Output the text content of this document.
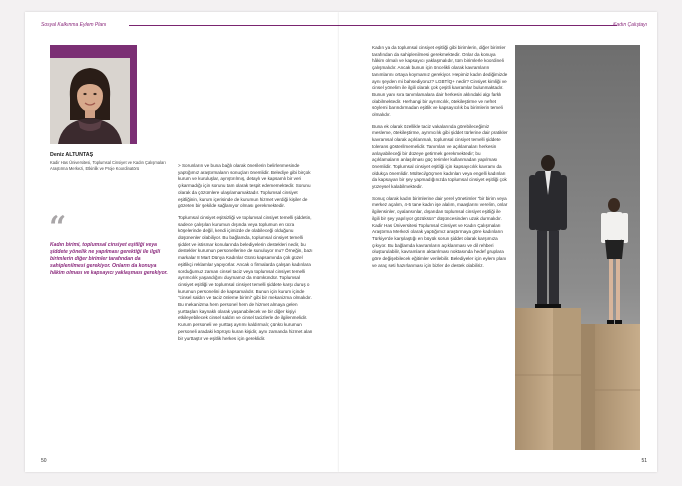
Sosyal Kalkınma Eylem Planı
Deniz ALTUNTAŞ
Kadir Has Üniversitesi, Toplumsal Cinsiyet ve Kadın Çalışmaları Araştırma Merkezi, Etkinlik ve Proje Koordinatörü
“
Kadın birimi, toplumsal cinsiyet eşitliği veya şiddete yönelik ne yapılması gerektiği ile ilgili birimlerin diğer birimler tarafından da sahiplenilmesi gerekiyor. Onların da konuya hâkim olması ve kapsayıcı yaklaşması gerekiyor.

> Sorunların ve buna bağlı olarak önerilerin belirlenmesinde yaptığımız araştırmaların sonuçları önemlidir. Belediye gibi birçok kurum ve kuruluşlar, ayrıştırılmış, detaylı ve kapsamlı bir veri çıkarmadığı için sorunu tam olarak tespit edememektedir. Sorunu olarak da çözümlere ulaşılamamaktadır. Toplumsal cinsiyet eşitliğinin, kurum içerisinde de kurumun hizmet verdiği kişiler de gözeten bir şekilde sağlanıyor olması gerekmektedir.

Toplumsal cinsiyet eşitsizliği ve toplumsal cinsiyet temelli şiddetin, sadece çalışılan kurumun dışında veya toplumun en ücra köşelerinde değil, kendi içimizde de olabileceği olduğunu düşünenler olabiliyor. Bu bağlamda, toplumsal cinsiyet temelli şiddet ve istismar konularında belediyelerin destekleri nedir, bu destekler kurumun personellerine de sunuluyor mu? Örneğin, bazı markalar 8 Mart Dünya Kadınlar Günü kapsamında çok güzel eşitlikçi reklamlar yapıyorlar. Ancak o firmalarda çalışan kadınlara sorduğumuz zaman cinsel taciz veya toplumsal cinsiyet temelli ayrımcılık yaşandığını duymamız da mümkündür. Toplumsal cinsiyet eşitliği ve toplumsal cinsiyet temelli şiddete karşı duruş o kurumun personelini de kapsamalıdır. Bunun için kurum içinde "cinsel saldırı ve taciz önleme birimi" gibi bir mekanizma olmalıdır. Bu mekanizma hem personel hem de hizmet almaya gelen yurttaşları kaynaklı olarak yaşanabilecek ve bir diğer kişiyi etkileyebilecek cinsel saldırı ve cinsel tacizlerle de ilgilenmelidir. Kurum personeli ve yurttaş ayrımı kaldırmalı; çünkü kurumun personeli aradaki köprüyü kuran kişidir, aynı zamanda hizmet alan bir yurttaştır ve eşitlik herkes için gereklidir.

50
Kadın Çalıştayı

Kadın ya da toplumsal cinsiyet eşitliği gibi birimlerin, diğer birimler tarafından da sahiplenilmesi gerekmektedir. Onlar da konuya hâkim olmalı ve kapsayıcı yaklaşmalıdır, tüm birimlerle koordineli çalışmalıdır. Ancak bunun için öncelikli olarak kavramların tanımlarını ortaya koymamız gerekiyor. Hepimiz kadın dediğimizde aynı şeyden mi bahsediyoruz? LGBTİQ+ nedir? Cinsiyet kimliği ve cinsel yönelim ile ilgili olarak çok çeşitli kavramlar bulunmaktadır. Bunun yanı sıra tanımlamalara dair herkesin aklındaki algı farklı olabilmektedir. Herhangi bir ayrımcılık, ötekileştirme ve nefret söylemi barındırmadan eşitlik ve kapsayıcılık bu birimlerin temeli olmalıdır.

Buna ek olarak özellikle taciz vakalarında görebileceğimiz mesleme, ötekileştirme, ayrımcılık gibi şiddet türlerine dair pratikler kavramsal olarak açıklanmalı, toplumsal cinsiyet temelli şiddete tolerans gösterilmemelidir. Tanımları ve açıklamaları herkesin anlayabileceği bir düzeye getirmek gerekmektedir; bu açıklamaların anlaşılması güç terimler kullanmadan yapılması önemlidir. Toplumsal cinsiyet eşitliği için kapsayıcılık kavramı da oldukça önemlidir. Mülteci/göçmen kadınları veya engelli kadınları da kapsayan bir şey yapmadığınızda toplumsal cinsiyet eşitliği çok yüzeysel kalabilmektedir.

Sonuç olarak kadın birimlerine dair yerel yönetimler "bir birim veya merkez açalım, 4-5 tane kadın işe alalım, maaşlarını verelim, onlar ilgilensinler, oyalansınlar, dışarıdan toplumsal cinsiyet eşitliği ile ilgili bir şey yapılıyor gözüksün" düşüncesinden uzak durmalıdır. Kadir Has Üniversitesi Toplumsal Cinsiyet ve Kadın Çalışmaları Araştırma Merkezi olarak yaptığımız araştırmaya göre kadınların Türkiye'de karşılaştığı en büyük sorun şiddet olarak karşımıza çıkıyor. Bu bağlamda kavramların açıklanması ve dil rehberi oluşturulabilir, kavramların aktarılması noktasında hedef gruplara göre değişebilecek eğitimler verilebilir. Belediyeler için eylem planı ve araç seti hazırlanması için bizler de destek olabiliriz.

51
